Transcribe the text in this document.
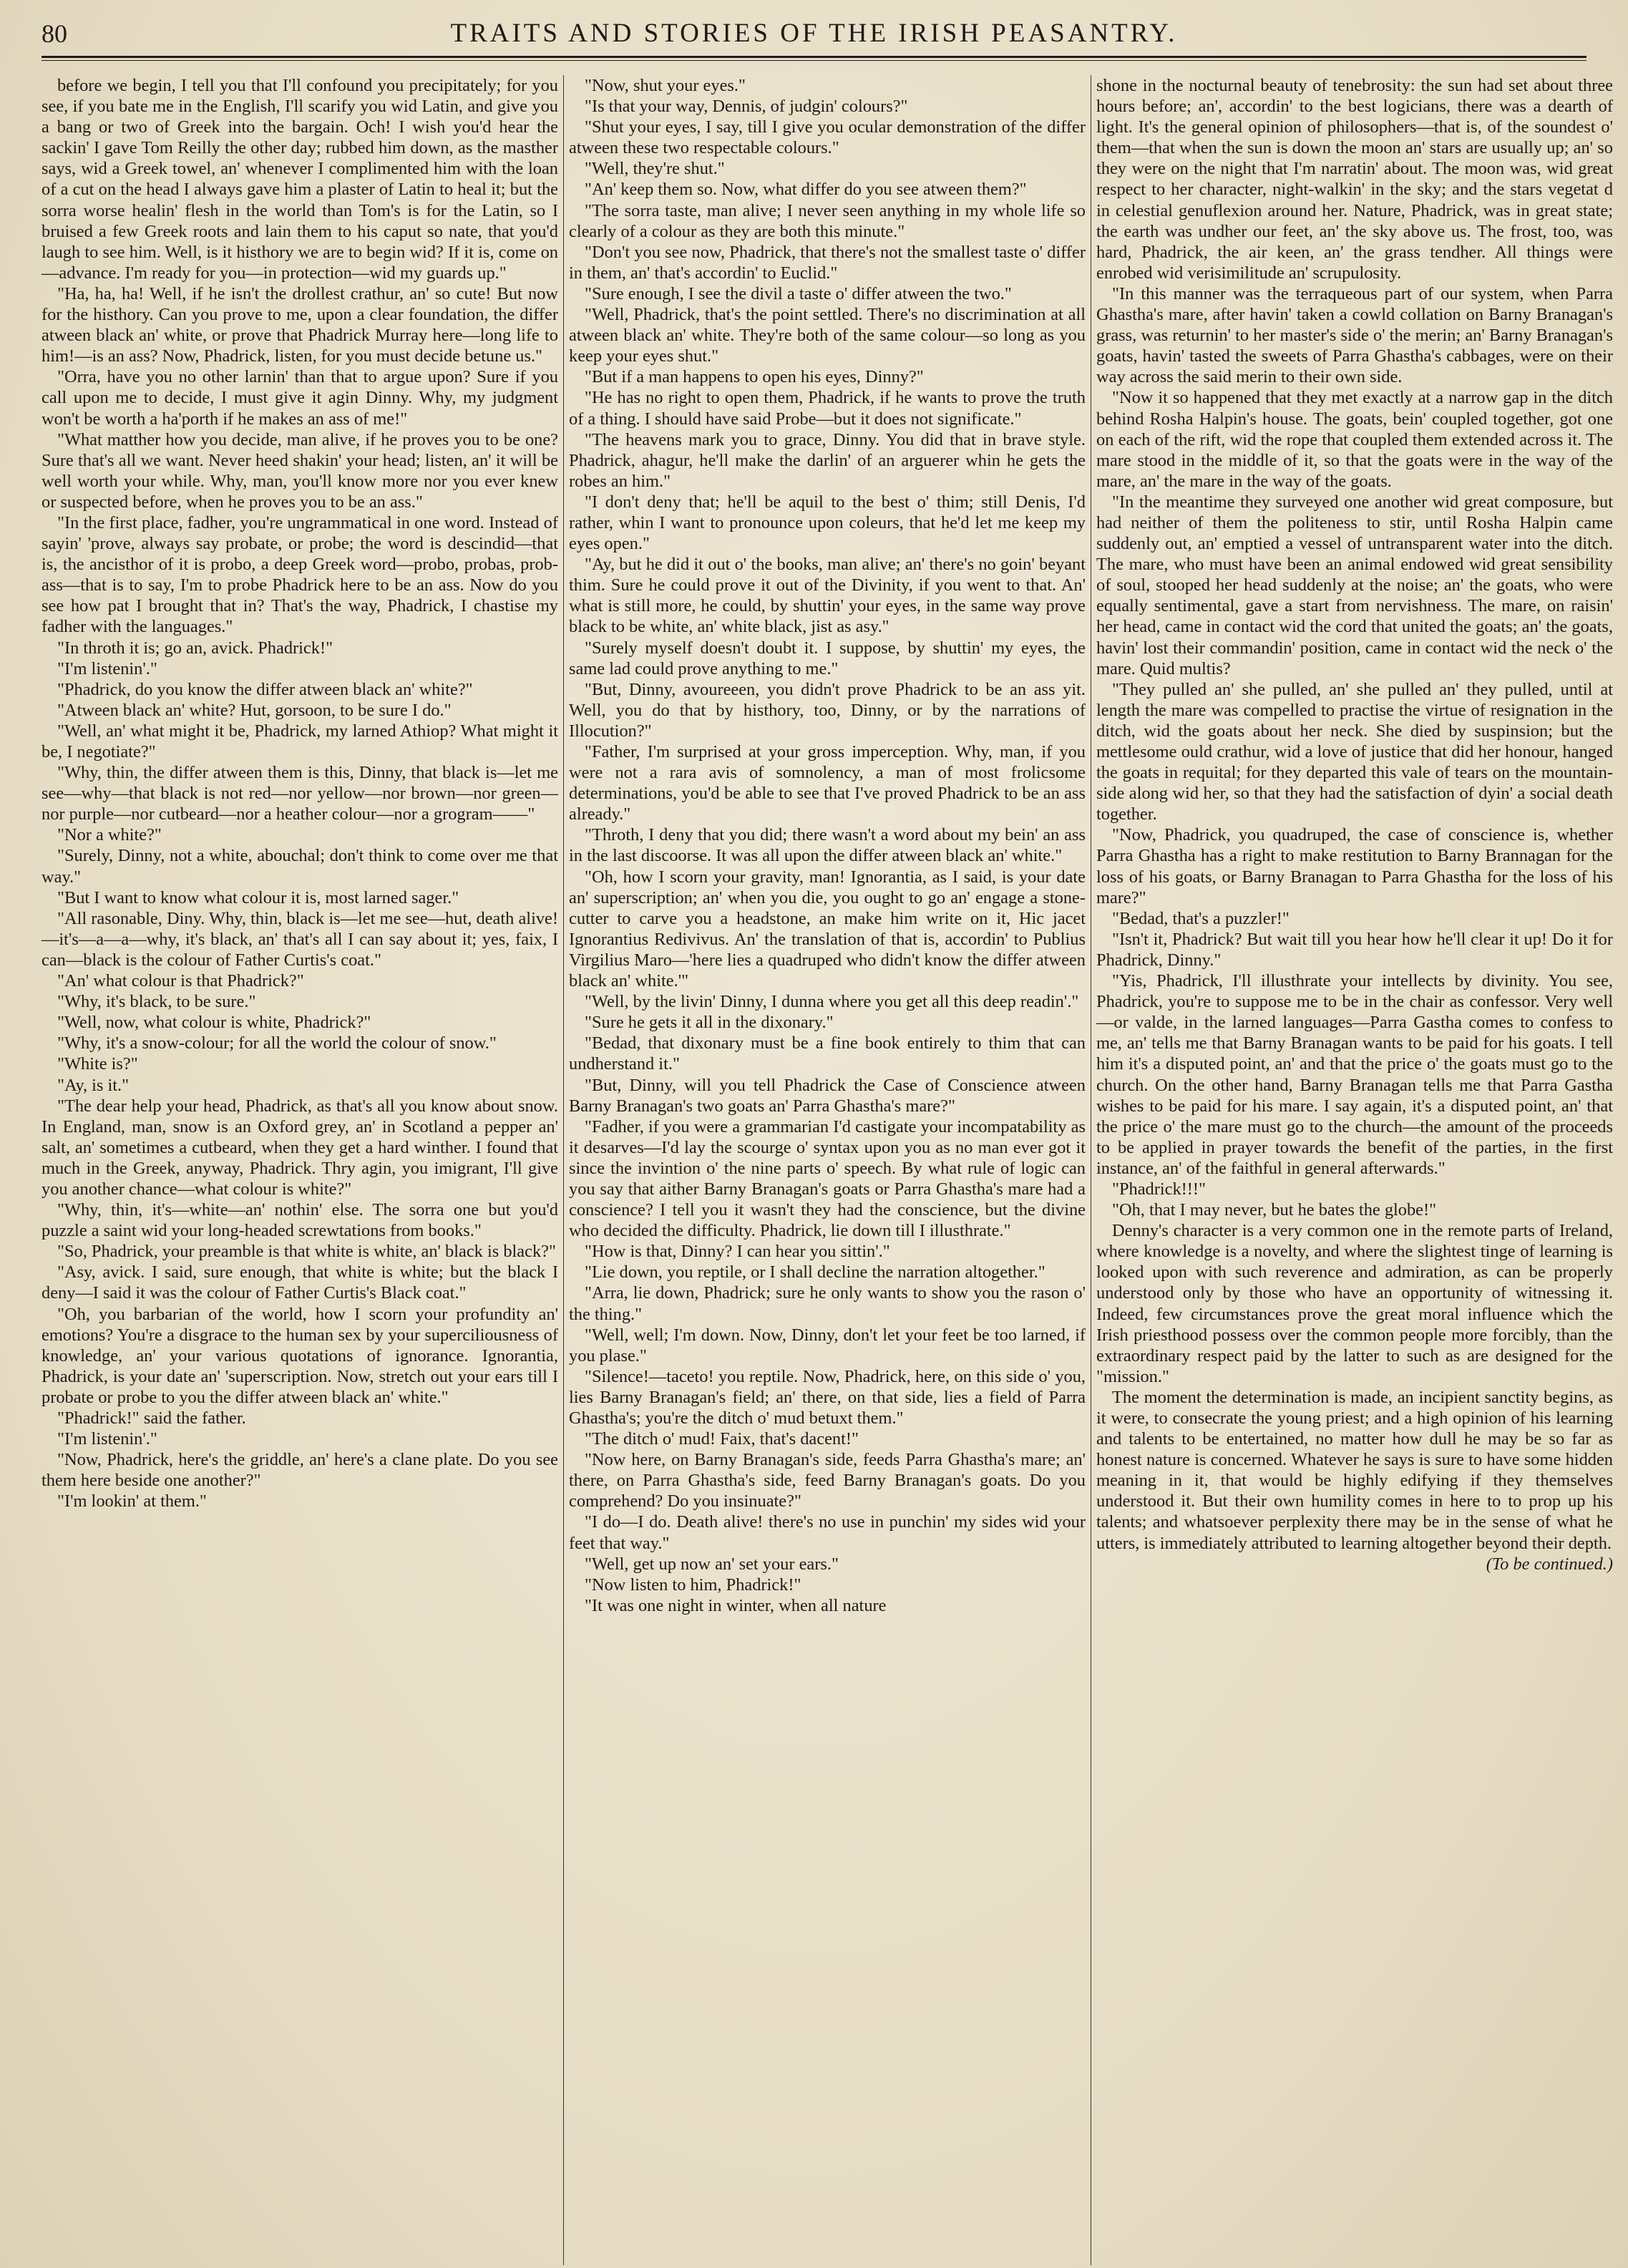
80	TRAITS AND STORIES OF THE IRISH PEASANTRY.

before we begin, I tell you that I'll confound you precipitately; for you see, if you bate me in the English, I'll scarify you wid Latin, and give you a bang or two of Greek into the bargain. Och! I wish you'd hear the sackin' I gave Tom Reilly the other day; rubbed him down, as the masther says, wid a Greek towel, an' whenever I complimented him with the loan of a cut on the head I always gave him a plaster of Latin to heal it; but the sorra worse healin' flesh in the world than Tom's is for the Latin, so I bruised a few Greek roots and lain them to his caput so nate, that you'd laugh to see him. Well, is it histhory we are to begin wid? If it is, come on—advance. I'm ready for you—in protection—wid my guards up."

"Ha, ha, ha! Well, if he isn't the drollest crathur, an' so cute! But now for the histhory. Can you prove to me, upon a clear foundation, the differ atween black an' white, or prove that Phadrick Murray here—long life to him!—is an ass? Now, Phadrick, listen, for you must decide betune us."

"Orra, have you no other larnin' than that to argue upon? Sure if you call upon me to decide, I must give it agin Dinny. Why, my judgment won't be worth a ha'porth if he makes an ass of me!"

"What matther how you decide, man alive, if he proves you to be one? Sure that's all we want. Never heed shakin' your head; listen, an' it will be well worth your while. Why, man, you'll know more nor you ever knew or suspected before, when he proves you to be an ass."

"In the first place, fadher, you're ungrammatical in one word. Instead of sayin' 'prove, always say probate, or probe; the word is descindid—that is, the ancisthor of it is probo, a deep Greek word—probo, probas, prob-ass—that is to say, I'm to probe Phadrick here to be an ass. Now do you see how pat I brought that in? That's the way, Phadrick, I chastise my fadher with the languages."

"In throth it is; go an, avick. Phadrick!"

"I'm listenin'."

"Phadrick, do you know the differ atween black an' white?"

"Atween black an' white? Hut, gorsoon, to be sure I do."

"Well, an' what might it be, Phadrick, my larned Athiop? What might it be, I negotiate?"

"Why, thin, the differ atween them is this, Dinny, that black is—let me see—why—that black is not red—nor yellow—nor brown—nor green—nor purple—nor cutbeard—nor a heather colour—nor a grogram——"

"Nor a white?"

"Surely, Dinny, not a white, abouchal; don't think to come over me that way."

"But I want to know what colour it is, most larned sager."

"All rasonable, Diny. Why, thin, black is—let me see—hut, death alive!—it's—a—a—why, it's black, an' that's all I can say about it; yes, faix, I can—black is the colour of Father Curtis's coat."

"An' what colour is that Phadrick?"

"Why, it's black, to be sure."

"Well, now, what colour is white, Phadrick?"

"Why, it's a snow-colour; for all the world the colour of snow."

"White is?"

"Ay, is it."

"The dear help your head, Phadrick, as that's all you know about snow. In England, man, snow is an Oxford grey, an' in Scotland a pepper an' salt, an' sometimes a cutbeard, when they get a hard winther. I found that much in the Greek, anyway, Phadrick. Thry agin, you imigrant, I'll give you another chance—what colour is white?"

"Why, thin, it's—white—an' nothin' else. The sorra one but you'd puzzle a saint wid your long-headed screwtations from books."

"So, Phadrick, your preamble is that white is white, an' black is black?"

"Asy, avick. I said, sure enough, that white is white; but the black I deny—I said it was the colour of Father Curtis's Black coat."

"Oh, you barbarian of the world, how I scorn your profundity an' emotions? You're a disgrace to the human sex by your superciliousness of knowledge, an' your various quotations of ignorance. Ignorantia, Phadrick, is your date an' 'superscription. Now, stretch out your ears till I probate or probe to you the differ atween black an' white."

"Phadrick!" said the father.

"I'm listenin'."

"Now, Phadrick, here's the griddle, an' here's a clane plate. Do you see them here beside one another?"

"I'm lookin' at them."

"Now, shut your eyes."

"Is that your way, Dennis, of judgin' colours?"

"Shut your eyes, I say, till I give you ocular demonstration of the differ atween these two respectable colours."

"Well, they're shut."

"An' keep them so. Now, what differ do you see atween them?"

"The sorra taste, man alive; I never seen anything in my whole life so clearly of a colour as they are both this minute."

"Don't you see now, Phadrick, that there's not the smallest taste o' differ in them, an' that's accordin' to Euclid."

"Sure enough, I see the divil a taste o' differ atween the two."

"Well, Phadrick, that's the point settled. There's no discrimination at all atween black an' white. They're both of the same colour—so long as you keep your eyes shut."

"But if a man happens to open his eyes, Dinny?"

"He has no right to open them, Phadrick, if he wants to prove the truth of a thing. I should have said Probe—but it does not significate."

"The heavens mark you to grace, Dinny. You did that in brave style. Phadrick, ahagur, he'll make the darlin' of an arguerer whin he gets the robes an him."

"I don't deny that; he'll be aquil to the best o' thim; still Denis, I'd rather, whin I want to pronounce upon coleurs, that he'd let me keep my eyes open."

"Ay, but he did it out o' the books, man alive; an' there's no goin' beyant thim. Sure he could prove it out of the Divinity, if you went to that. An' what is still more, he could, by shuttin' your eyes, in the same way prove black to be white, an' white black, jist as asy."

"Surely myself doesn't doubt it. I suppose, by shuttin' my eyes, the same lad could prove anything to me."

"But, Dinny, avoureeen, you didn't prove Phadrick to be an ass yit. Well, you do that by histhory, too, Dinny, or by the narrations of Illocution?"

"Father, I'm surprised at your gross imperception. Why, man, if you were not a rara avis of somnolency, a man of most frolicsome determinations, you'd be able to see that I've proved Phadrick to be an ass already."

"Throth, I deny that you did; there wasn't a word about my bein' an ass in the last discoorse. It was all upon the differ atween black an' white."

"Oh, how I scorn your gravity, man! Ignorantia, as I said, is your date an' superscription; an' when you die, you ought to go an' engage a stone-cutter to carve you a headstone, an make him write on it, Hic jacet Ignorantius Redivivus. An' the translation of that is, accordin' to Publius Virgilius Maro—'here lies a quadruped who didn't know the differ atween black an' white.'"

"Well, by the livin' Dinny, I dunna where you get all this deep readin'."

"Sure he gets it all in the dixonary."

"Bedad, that dixonary must be a fine book entirely to thim that can undherstand it."

"But, Dinny, will you tell Phadrick the Case of Conscience atween Barny Branagan's two goats an' Parra Ghastha's mare?"

"Fadher, if you were a grammarian I'd castigate your incompatability as it desarves—I'd lay the scourge o' syntax upon you as no man ever got it since the invintion o' the nine parts o' speech. By what rule of logic can you say that aither Barny Branagan's goats or Parra Ghastha's mare had a conscience? I tell you it wasn't they had the conscience, but the divine who decided the difficulty. Phadrick, lie down till I illusthrate."

"How is that, Dinny? I can hear you sittin'."

"Lie down, you reptile, or I shall decline the narration altogether."

"Arra, lie down, Phadrick; sure he only wants to show you the rason o' the thing."

"Well, well; I'm down. Now, Dinny, don't let your feet be too larned, if you plase."

"Silence!—taceto! you reptile. Now, Phadrick, here, on this side o' you, lies Barny Branagan's field; an' there, on that side, lies a field of Parra Ghastha's; you're the ditch o' mud betuxt them."

"The ditch o' mud! Faix, that's dacent!"

"Now here, on Barny Branagan's side, feeds Parra Ghastha's mare; an' there, on Parra Ghastha's side, feed Barny Branagan's goats. Do you comprehend? Do you insinuate?"

"I do—I do. Death alive! there's no use in punchin' my sides wid your feet that way."

"Well, get up now an' set your ears."

"Now listen to him, Phadrick!"

"It was one night in winter, when all nature

shone in the nocturnal beauty of tenebrosity: the sun had set about three hours before; an', accordin' to the best logicians, there was a dearth of light. It's the general opinion of philosophers—that is, of the soundest o' them—that when the sun is down the moon an' stars are usually up; an' so they were on the night that I'm narratin' about. The moon was, wid great respect to her character, night-walkin' in the sky; and the stars vegetat d in celestial genuflexion around her. Nature, Phadrick, was in great state; the earth was undher our feet, an' the sky above us. The frost, too, was hard, Phadrick, the air keen, an' the grass tendher. All things were enrobed wid verisimilitude an' scrupulosity.

"In this manner was the terraqueous part of our system, when Parra Ghastha's mare, after havin' taken a cowld collation on Barny Branagan's grass, was returnin' to her master's side o' the merin; an' Barny Branagan's goats, havin' tasted the sweets of Parra Ghastha's cabbages, were on their way across the said merin to their own side.

"Now it so happened that they met exactly at a narrow gap in the ditch behind Rosha Halpin's house. The goats, bein' coupled together, got one on each of the rift, wid the rope that coupled them extended across it. The mare stood in the middle of it, so that the goats were in the way of the mare, an' the mare in the way of the goats.

"In the meantime they surveyed one another wid great composure, but had neither of them the politeness to stir, until Rosha Halpin came suddenly out, an' emptied a vessel of untransparent water into the ditch. The mare, who must have been an animal endowed wid great sensibility of soul, stooped her head suddenly at the noise; an' the goats, who were equally sentimental, gave a start from nervishness. The mare, on raisin' her head, came in contact wid the cord that united the goats; an' the goats, havin' lost their commandin' position, came in contact wid the neck o' the mare. Quid multis?

"They pulled an' she pulled, an' she pulled an' they pulled, until at length the mare was compelled to practise the virtue of resignation in the ditch, wid the goats about her neck. She died by suspinsion; but the mettlesome ould crathur, wid a love of justice that did her honour, hanged the goats in requital; for they departed this vale of tears on the mountain-side along wid her, so that they had the satisfaction of dyin' a social death together.

"Now, Phadrick, you quadruped, the case of conscience is, whether Parra Ghastha has a right to make restitution to Barny Brannagan for the loss of his goats, or Barny Branagan to Parra Ghastha for the loss of his mare?"

"Bedad, that's a puzzler!"

"Isn't it, Phadrick? But wait till you hear how he'll clear it up! Do it for Phadrick, Dinny."

"Yis, Phadrick, I'll illusthrate your intellects by divinity. You see, Phadrick, you're to suppose me to be in the chair as confessor. Very well—or valde, in the larned languages—Parra Gastha comes to confess to me, an' tells me that Barny Branagan wants to be paid for his goats. I tell him it's a disputed point, an' and that the price o' the goats must go to the church. On the other hand, Barny Branagan tells me that Parra Gastha wishes to be paid for his mare. I say again, it's a disputed point, an' that the price o' the mare must go to the church—the amount of the proceeds to be applied in prayer towards the benefit of the parties, in the first instance, an' of the faithful in general afterwards."

"Phadrick!!!"

"Oh, that I may never, but he bates the globe!"

Denny's character is a very common one in the remote parts of Ireland, where knowledge is a novelty, and where the slightest tinge of learning is looked upon with such reverence and admiration, as can be properly understood only by those who have an opportunity of witnessing it. Indeed, few circumstances prove the great moral influence which the Irish priesthood possess over the common people more forcibly, than the extraordinary respect paid by the latter to such as are designed for the "mission."

The moment the determination is made, an incipient sanctity begins, as it were, to consecrate the young priest; and a high opinion of his learning and talents to be entertained, no matter how dull he may be so far as honest nature is concerned. Whatever he says is sure to have some hidden meaning in it, that would be highly edifying if they themselves understood it. But their own humility comes in here to to prop up his talents; and whatsoever perplexity there may be in the sense of what he utters, is immediately attributed to learning altogether beyond their depth.

(To be continued.)
